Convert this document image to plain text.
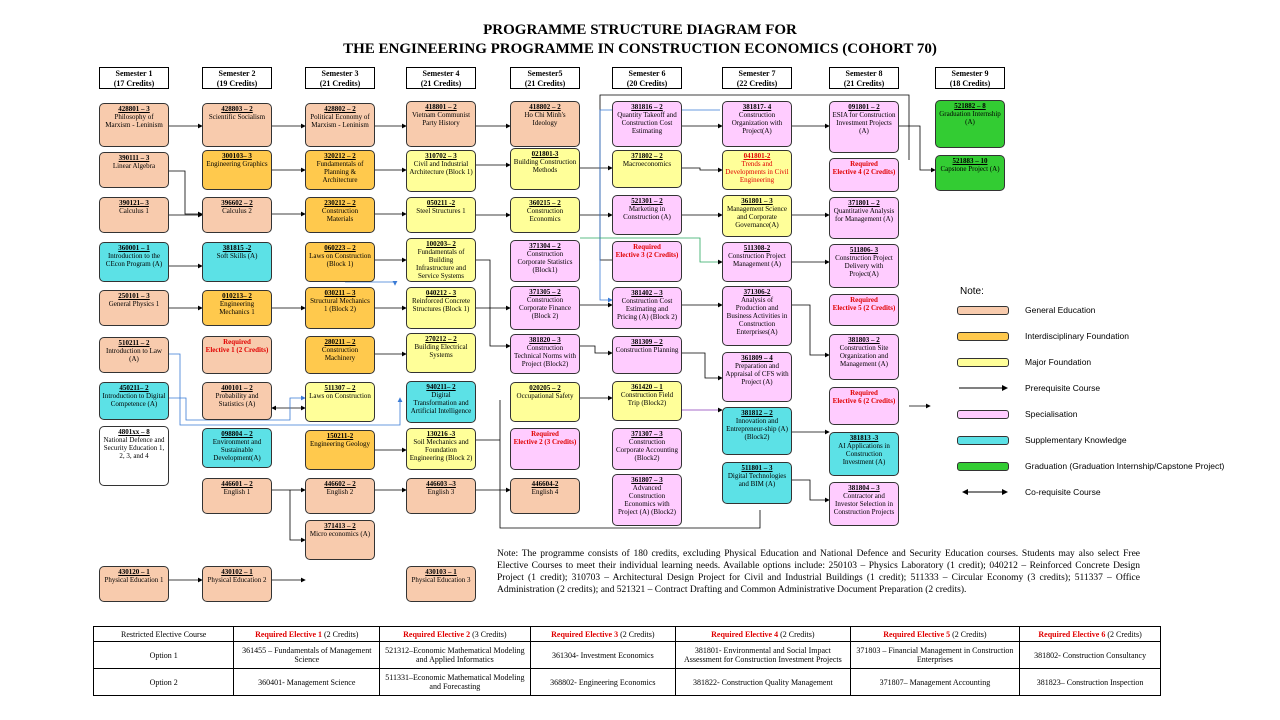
PROGRAMME STRUCTURE DIAGRAM FOR
THE ENGINEERING PROGRAMME IN CONSTRUCTION ECONOMICS (COHORT 70)
Semester 1
(17 Credits)
Semester 2
(19 Credits)
Semester 3
(21 Credits)
Semester 4
(21 Credits)
Semester5
(21 Credits)
Semester 6
(20 Credits)
Semester 7
(22 Credits)
Semester 8
(21 Credits)
Semester 9
(18 Credits)
428801 – 3
Philosophy of Marxism - Leninism
390111 – 3
Linear Algebra
390121– 3
Calculus 1
360001 – 1
Introduction to the CEcon Program (A)
250101 – 3
General Physics 1
510211 – 2
Introduction to Law (A)
450211– 2
Introduction to Digital Competence (A)
4801xx – 8
National Defence and Security Education 1, 2, 3, and 4
430120 – 1
Physical Education 1
428803 – 2
Scientific Socialism
300103– 3
Engineering Graphics
396602 – 2
Calculus 2
381815 -2
Soft Skills (A)
010213– 2
Engineering Mechanics 1
Required
Elective 1 (2 Credits)
400101 – 2
Probability and Statistics (A)
098804 – 2
Environment and Sustainable Development(A)
446601 – 2
English 1
430102 – 1
Physical Education 2
428802 – 2
Political Economy of Marxism - Leninism
320212 – 2
Fundamentals of Planning & Architecture
230212 – 2
Construction Materials
060223 – 2
Laws on Construction (Block 1)
030211 – 3
Structural Mechanics 1 (Block 2)
280211 – 2
Construction Machinery
511307 – 2
Laws on Construction
150211-2
Engineering Geology
446602 – 2
English 2
371413 – 2
Micro economics (A)
418801 – 2
Vietnam Communist Party History
310702 – 3
Civil and Industrial Architecture (Block 1)
050211 -2
Steel Structures 1
100203– 2
Fundamentals of Building Infrastructure and Service Systems
040212 - 3
Reinforced Concrete Structures (Block 1)
270212 – 2
Building Electrical Systems
940211– 2
Digital Transformation and Artificial Intelligence
130216 -3
Soil Mechanics and Foundation Engineering (Block 2)
446603 –3
English 3
430103 – 1
Physical Education 3
418802 – 2
Ho Chi Minh's Ideology
021801-3
Building Construction Methods
360215 – 2
Construction Economics
371304 – 2
Construction Corporate Statistics (Block1)
371305 – 2
Construction Corporate Finance (Block 2)
381820 – 3
Construction Technical Norms with Project (Block2)
020205 – 2
Occupational Safety
Required
Elective 2 (3 Credits)
446604-2
English 4
381816 – 2
Quantity Takeoff and Construction Cost Estimating
371802 – 2
Macroeconomics
521301 – 2
Marketing in Construction (A)
Required
Elective 3 (2 Credits)
381402 – 3
Construction Cost Estimating and Pricing (A) (Block 2)
381309 – 2
Construction Planning
361420 – 1
Construction Field Trip (Block2)
371307 – 3
Construction Corporate Accounting (Block2)
361807 – 3
Advanced Construction Economics with Project (A) (Block2)
381817- 4
Construction Organization with Project(A)
041801-2
Trends and Developments in Civil Engineering
361801 – 3
Management Science and Corporate Governance(A)
511308-2
Construction Project Management (A)
371306-2
Analysis of Production and Business Activities in Construction Enterprises(A)
361809 – 4
Preparation and Appraisal of CFS with Project (A)
381812 – 2
Innovation and Entrepreneur-ship (A) (Block2)
511801 – 3
Digital Technologies and BIM (A)
091801 – 2
ESIA for Construction Investment Projects (A)
Required
Elective 4 (2 Credits)
371801 – 2
Quantitative Analysis for Management (A)
511806- 3
Construction Project Delivery with Project(A)
Required
Elective 5 (2 Credits)
381803 – 2
Construction Site Organization and Management (A)
Required
Elective 6 (2 Credits)
381813 -3
AI Applications in Construction Investment (A)
381804 – 3
Contractor and Investor Selection in Construction Projects
521882 – 8
Graduation Internship (A)
521883 – 10
Capstone Project (A)
Note:
General Education
Interdisciplinary Foundation
Major Foundation
Prerequisite Course
Specialisation
Supplementary Knowledge
Graduation (Graduation Internship/Capstone Project)
Co-requisite Course
Note: The programme consists of 180 credits, excluding Physical Education and National Defence and Security Education courses. Students may also select Free Elective Courses to meet their individual learning needs. Available options include: 250103 – Physics Laboratory (1 credit); 040212 – Reinforced Concrete Design Project (1 credit); 310703 – Architectural Design Project for Civil and Industrial Buildings (1 credit); 511333 – Circular Economy (3 credits); 511337 – Office Administration (2 credits); and 521321 – Contract Drafting and Common Administrative Document Preparation (2 credits).
Restricted Elective Course	Required Elective 1 (2 Credits)	Required Elective 2 (3 Credits)	Required Elective 3 (2 Credits)	Required Elective 4 (2 Credits)	Required Elective 5 (2 Credits)	Required Elective 6 (2 Credits)
Option 1	361455 – Fundamentals of Management Science	521312–Economic Mathematical Modeling and Applied Informatics	361304- Investment Economics	381801- Environmental and Social Impact Assessment for Construction Investment Projects	371803 – Financial Management in Construction Enterprises	381802- Construction Consultancy
Option 2	360401- Management Science	511331–Economic Mathematical Modeling and Forecasting	368802- Engineering Economics	381822- Construction Quality Management	371807– Management Accounting	381823– Construction Inspection
